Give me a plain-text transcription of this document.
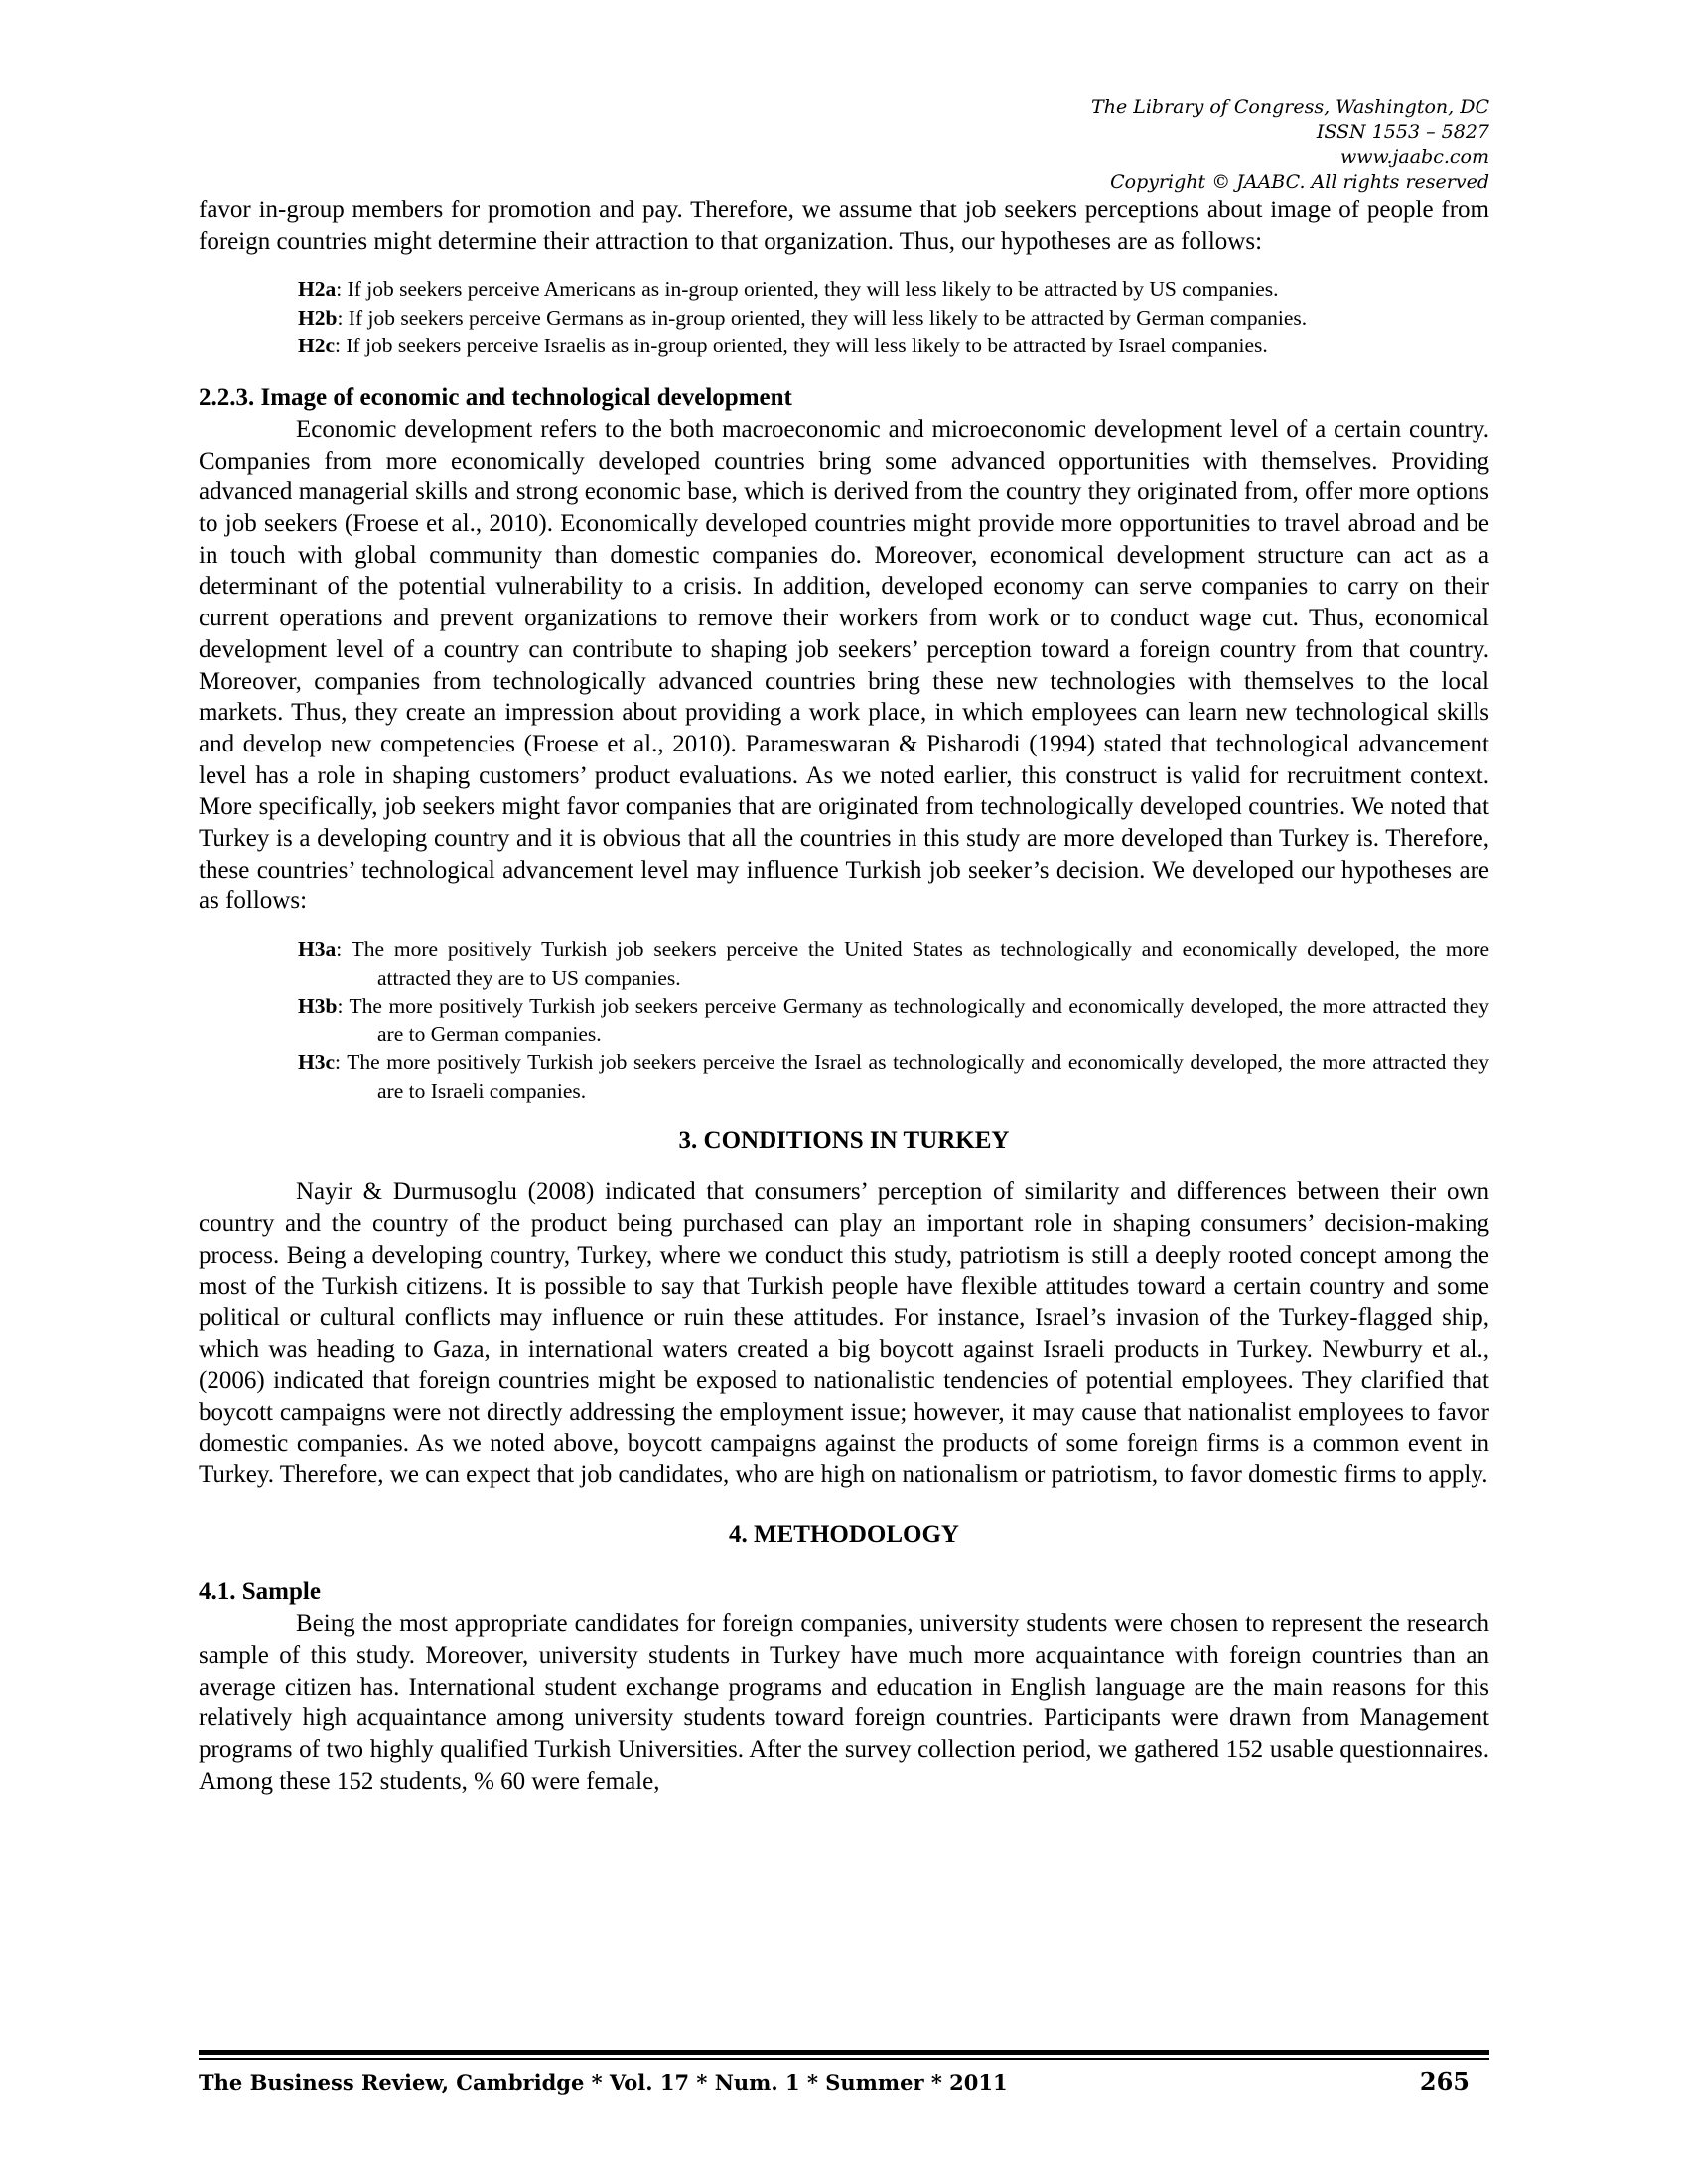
The Library of Congress, Washington, DC
ISSN 1553 – 5827
www.jaabc.com
Copyright © JAABC. All rights reserved

favor in-group members for promotion and pay. Therefore, we assume that job seekers perceptions about image of people from foreign countries might determine their attraction to that organization. Thus, our hypotheses are as follows:

H2a: If job seekers perceive Americans as in-group oriented, they will less likely to be attracted by US companies.
H2b: If job seekers perceive Germans as in-group oriented, they will less likely to be attracted by German companies.
H2c: If job seekers perceive Israelis as in-group oriented, they will less likely to be attracted by Israel companies.

2.2.3. Image of economic and technological development

Economic development refers to the both macroeconomic and microeconomic development level of a certain country. Companies from more economically developed countries bring some advanced opportunities with themselves. Providing advanced managerial skills and strong economic base, which is derived from the country they originated from, offer more options to job seekers (Froese et al., 2010). Economically developed countries might provide more opportunities to travel abroad and be in touch with global community than domestic companies do. Moreover, economical development structure can act as a determinant of the potential vulnerability to a crisis. In addition, developed economy can serve companies to carry on their current operations and prevent organizations to remove their workers from work or to conduct wage cut. Thus, economical development level of a country can contribute to shaping job seekers’ perception toward a foreign country from that country. Moreover, companies from technologically advanced countries bring these new technologies with themselves to the local markets. Thus, they create an impression about providing a work place, in which employees can learn new technological skills and develop new competencies (Froese et al., 2010). Parameswaran & Pisharodi (1994) stated that technological advancement level has a role in shaping customers’ product evaluations. As we noted earlier, this construct is valid for recruitment context. More specifically, job seekers might favor companies that are originated from technologically developed countries. We noted that Turkey is a developing country and it is obvious that all the countries in this study are more developed than Turkey is. Therefore, these countries’ technological advancement level may influence Turkish job seeker’s decision. We developed our hypotheses are as follows:

H3a: The more positively Turkish job seekers perceive the United States as technologically and economically developed, the more attracted they are to US companies.
H3b: The more positively Turkish job seekers perceive Germany as technologically and economically developed, the more attracted they are to German companies.
H3c: The more positively Turkish job seekers perceive the Israel as technologically and economically developed, the more attracted they are to Israeli companies.

3. CONDITIONS IN TURKEY

Nayir & Durmusoglu (2008) indicated that consumers’ perception of similarity and differences between their own country and the country of the product being purchased can play an important role in shaping consumers’ decision-making process. Being a developing country, Turkey, where we conduct this study, patriotism is still a deeply rooted concept among the most of the Turkish citizens. It is possible to say that Turkish people have flexible attitudes toward a certain country and some political or cultural conflicts may influence or ruin these attitudes. For instance, Israel’s invasion of the Turkey-flagged ship, which was heading to Gaza, in international waters created a big boycott against Israeli products in Turkey. Newburry et al., (2006) indicated that foreign countries might be exposed to nationalistic tendencies of potential employees. They clarified that boycott campaigns were not directly addressing the employment issue; however, it may cause that nationalist employees to favor domestic companies. As we noted above, boycott campaigns against the products of some foreign firms is a common event in Turkey. Therefore, we can expect that job candidates, who are high on nationalism or patriotism, to favor domestic firms to apply.

4. METHODOLOGY

4.1. Sample

Being the most appropriate candidates for foreign companies, university students were chosen to represent the research sample of this study. Moreover, university students in Turkey have much more acquaintance with foreign countries than an average citizen has. International student exchange programs and education in English language are the main reasons for this relatively high acquaintance among university students toward foreign countries. Participants were drawn from Management programs of two highly qualified Turkish Universities. After the survey collection period, we gathered 152 usable questionnaires. Among these 152 students, % 60 were female,

The Business Review, Cambridge * Vol. 17 * Num. 1 * Summer * 2011	265
